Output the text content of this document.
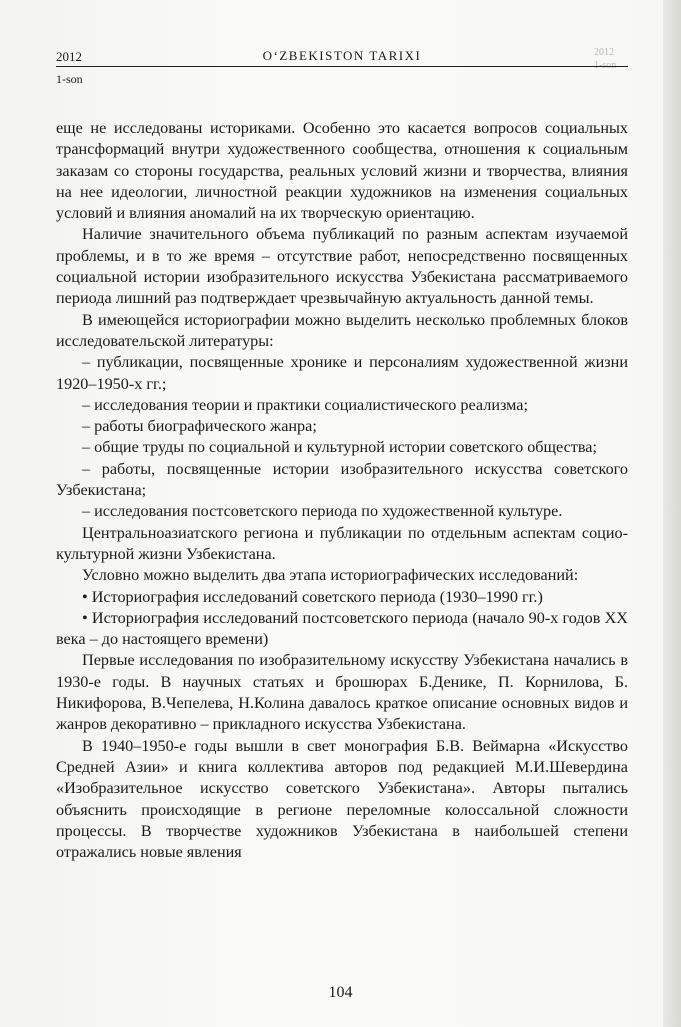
2012
1-son
2012	O‘ZBEKISTON TARIXI
1-son

еще не исследованы историками. Особенно это касается вопросов социальных трансформаций внутри художественного сообщества, отношения к социальным заказам со стороны государства, реальных условий жизни и творчества, влияния на нее идеологии, личностной реакции художников на изменения социальных условий и влияния аномалий на их творческую ориентацию.

Наличие значительного объема публикаций по разным аспектам изучаемой проблемы, и в то же время – отсутствие работ, непосредственно посвященных социальной истории изобразительного искусства Узбекистана рассматриваемого периода лишний раз подтверждает чрезвычайную актуальность данной темы.

В имеющейся историографии можно выделить несколько проблемных блоков исследовательской литературы:

– публикации, посвященные хронике и персоналиям художественной жизни 1920–1950-х гг.;

– исследования теории и практики социалистического реализма;

– работы биографического жанра;

– общие труды по социальной и культурной истории советского общества;

– работы, посвященные истории изобразительного искусства советского Узбекистана;

– исследования постсоветского периода по художественной культуре.

Центральноазиатского региона и публикации по отдельным аспектам социо-культурной жизни Узбекистана.

Условно можно выделить два этапа историографических исследований:

• Историография исследований советского периода (1930–1990 гг.)

• Историография исследований постсоветского периода (начало 90-х годов XX века – до настоящего времени)

Первые исследования по изобразительному искусству Узбекистана начались в 1930-е годы. В научных статьях и брошюрах Б.Денике, П. Корнилова, Б. Никифорова, В.Чепелева, Н.Колина давалось краткое описание основных видов и жанров декоративно – прикладного искусства Узбекистана.

В 1940–1950-е годы вышли в свет монография Б.В. Веймарна «Искусство Средней Азии» и книга коллектива авторов под редакцией М.И.Шевердина «Изобразительное искусство советского Узбекистана». Авторы пытались объяснить происходящие в регионе переломные колоссальной сложности процессы. В творчестве художников Узбекистана в наибольшей степени отражались новые явления

104
